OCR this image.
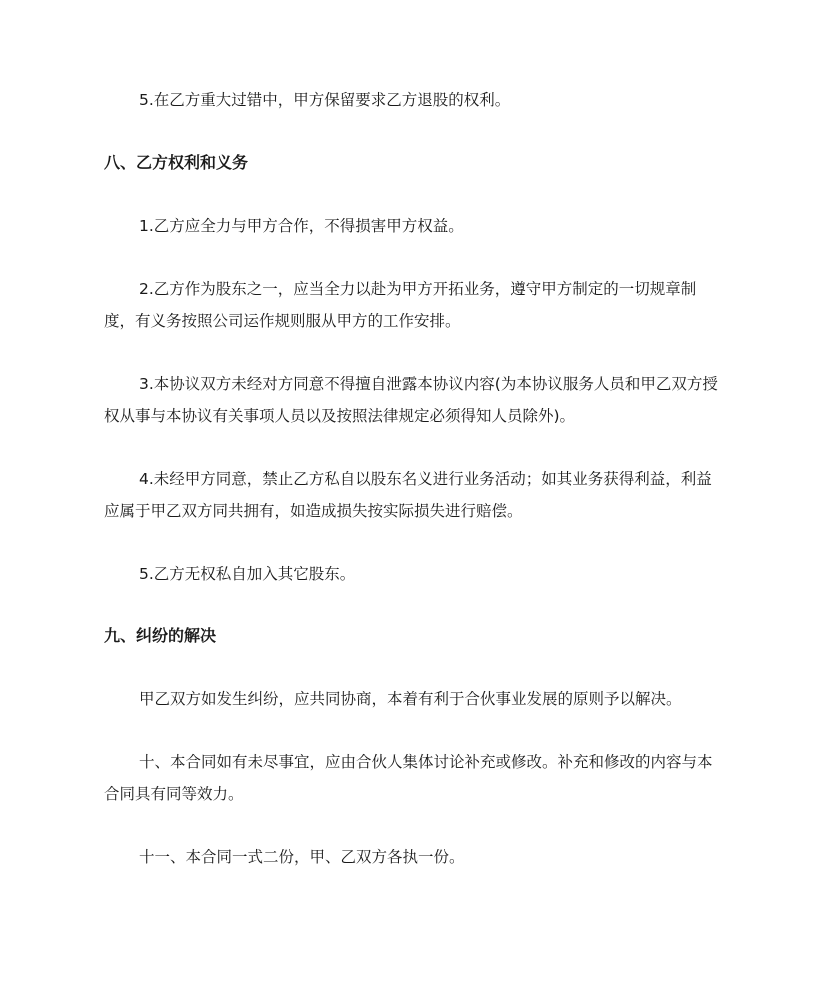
5.在乙方重大过错中，甲方保留要求乙方退股的权利。

八、乙方权利和义务

1.乙方应全力与甲方合作，不得损害甲方权益。

2.乙方作为股东之一，应当全力以赴为甲方开拓业务，遵守甲方制定的一切规章制度，有义务按照公司运作规则服从甲方的工作安排。

3.本协议双方未经对方同意不得擅自泄露本协议内容(为本协议服务人员和甲乙双方授权从事与本协议有关事项人员以及按照法律规定必须得知人员除外)。

4.未经甲方同意，禁止乙方私自以股东名义进行业务活动；如其业务获得利益，利益应属于甲乙双方同共拥有，如造成损失按实际损失进行赔偿。

5.乙方无权私自加入其它股东。

九、纠纷的解决

甲乙双方如发生纠纷，应共同协商，本着有利于合伙事业发展的原则予以解决。

十、本合同如有未尽事宜，应由合伙人集体讨论补充或修改。补充和修改的内容与本合同具有同等效力。

十一、本合同一式二份，甲、乙双方各执一份。
